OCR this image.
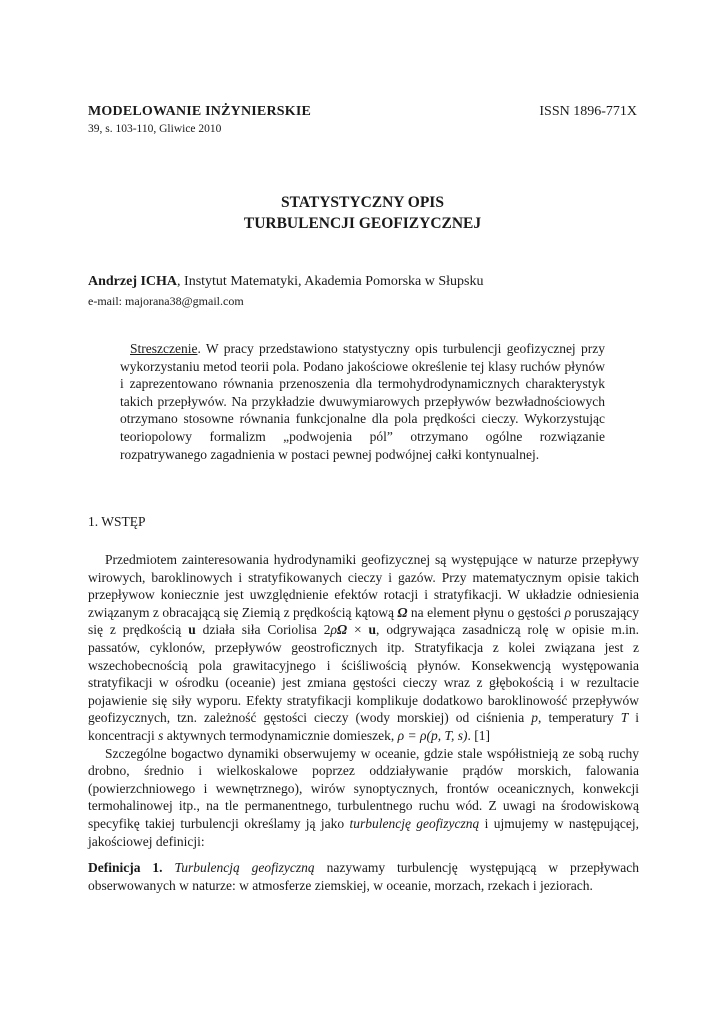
MODELOWANIE INŻYNIERSKIE	ISSN 1896-771X
39, s. 103-110, Gliwice 2010
STATYSTYCZNY OPIS
TURBULENCJI GEOFIZYCZNEJ
Andrzej ICHA, Instytut Matematyki, Akademia Pomorska w Słupsku
e-mail: majorana38@gmail.com
Streszczenie. W pracy przedstawiono statystyczny opis turbulencji geofizycznej przy wykorzystaniu metod teorii pola. Podano jakościowe określenie tej klasy ruchów płynów i zaprezentowano równania przenoszenia dla termohydrodynamicznych charakterystyk takich przepływów. Na przykładzie dwuwymiarowych przepływów bezwładnościowych otrzymano stosowne równania funkcjonalne dla pola prędkości cieczy. Wykorzystując teoriopolowy formalizm „podwojenia pól” otrzymano ogólne rozwiązanie rozpatrywanego zagadnienia w postaci pewnej podwójnej całki kontynualnej.
1. WSTĘP

Przedmiotem zainteresowania hydrodynamiki geofizycznej są występujące w naturze przepływy wirowych, baroklinowych i stratyfikowanych cieczy i gazów. Przy matematycznym opisie takich przepływow koniecznie jest uwzględnienie efektów rotacji i stratyfikacji. W układzie odniesienia związanym z obracającą się Ziemią z prędkością kątową Ω na element płynu o gęstości ρ poruszający się z prędkością u działa siła Coriolisa 2ρΩ × u, odgrywająca zasadniczą rolę w opisie m.in. passatów, cyklonów, przepływów geostroficznych itp. Stratyfikacja z kolei związana jest z wszechobecnością pola grawitacyjnego i ściśliwością płynów. Konsekwencją występowania stratyfikacji w ośrodku (oceanie) jest zmiana gęstości cieczy wraz z głębokością i w rezultacie pojawienie się siły wyporu. Efekty stratyfikacji komplikuje dodatkowo baroklinowość przepływów geofizycznych, tzn. zależność gęstości cieczy (wody morskiej) od ciśnienia p, temperatury T i koncentracji s aktywnych termodynamicznie domieszek, ρ = ρ(p, T, s). [1]

Szczególne bogactwo dynamiki obserwujemy w oceanie, gdzie stale współistnieją ze sobą ruchy drobno, średnio i wielkoskalowe poprzez oddziaływanie prądów morskich, falowania (powierzchniowego i wewnętrznego), wirów synoptycznych, frontów oceanicznych, konwekcji termohalinowej itp., na tle permanentnego, turbulentnego ruchu wód. Z uwagi na środowiskową specyfikę takiej turbulencji określamy ją jako turbulencję geofizyczną i ujmujemy w następującej, jakościowej definicji:

Definicja 1. Turbulencją geofizyczną nazywamy turbulencję występującą w przepływach obserwowanych w naturze: w atmosferze ziemskiej, w oceanie, morzach, rzekach i jeziorach.
